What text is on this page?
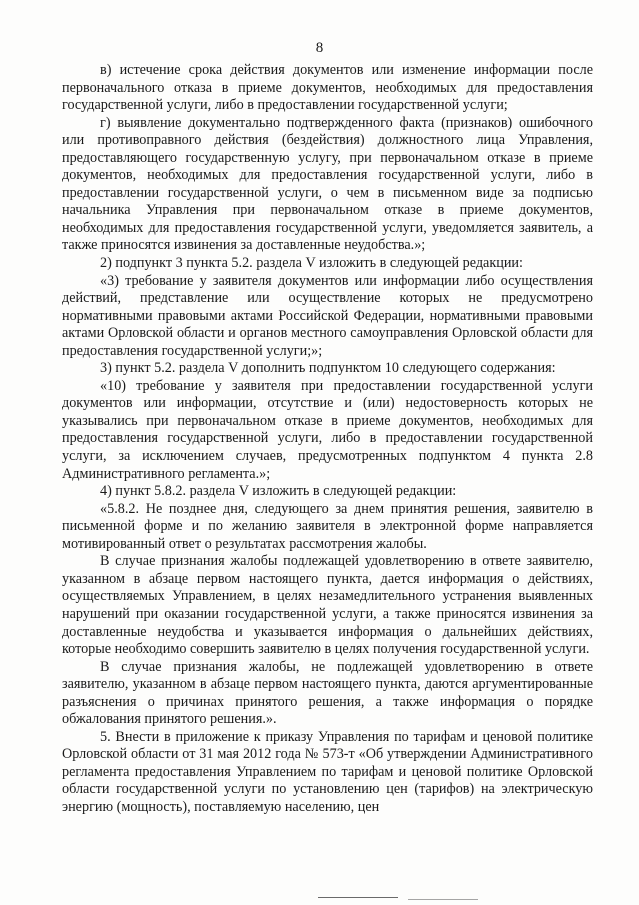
8

в) истечение срока действия документов или изменение информации после первоначального отказа в приеме документов, необходимых для предоставления государственной услуги, либо в предоставлении государственной услуги;

г) выявление документально подтвержденного факта (признаков) ошибочного или противоправного действия (бездействия) должностного лица Управления, предоставляющего государственную услугу, при первоначальном отказе в приеме документов, необходимых для предоставления государственной услуги, либо в предоставлении государственной услуги, о чем в письменном виде за подписью начальника Управления при первоначальном отказе в приеме документов, необходимых для предоставления государственной услуги, уведомляется заявитель, а также приносятся извинения за доставленные неудобства.»;

2) подпункт 3 пункта 5.2. раздела V изложить в следующей редакции:

«3) требование у заявителя документов или информации либо осуществления действий, представление или осуществление которых не предусмотрено нормативными правовыми актами Российской Федерации, нормативными правовыми актами Орловской области и органов местного самоуправления Орловской области для предоставления государственной услуги;»;

3) пункт 5.2. раздела V дополнить подпунктом 10 следующего содержания:

«10) требование у заявителя при предоставлении государственной услуги документов или информации, отсутствие и (или) недостоверность которых не указывались при первоначальном отказе в приеме документов, необходимых для предоставления государственной услуги, либо в предоставлении государственной услуги, за исключением случаев, предусмотренных подпунктом 4 пункта 2.8 Административного регламента.»;

4) пункт 5.8.2. раздела V изложить в следующей редакции:

«5.8.2. Не позднее дня, следующего за днем принятия решения, заявителю в письменной форме и по желанию заявителя в электронной форме направляется мотивированный ответ о результатах рассмотрения жалобы.

В случае признания жалобы подлежащей удовлетворению в ответе заявителю, указанном в абзаце первом настоящего пункта, дается информация о действиях, осуществляемых Управлением, в целях незамедлительного устранения выявленных нарушений при оказании государственной услуги, а также приносятся извинения за доставленные неудобства и указывается информация о дальнейших действиях, которые необходимо совершить заявителю в целях получения государственной услуги.

В случае признания жалобы, не подлежащей удовлетворению в ответе заявителю, указанном в абзаце первом настоящего пункта, даются аргументированные разъяснения о причинах принятого решения, а также информация о порядке обжалования принятого решения.».

5. Внести в приложение к приказу Управления по тарифам и ценовой политике Орловской области от 31 мая 2012 года № 573-т «Об утверждении Административного регламента предоставления Управлением по тарифам и ценовой политике Орловской области государственной услуги по установлению цен (тарифов) на электрическую энергию (мощность), поставляемую населению, цен
